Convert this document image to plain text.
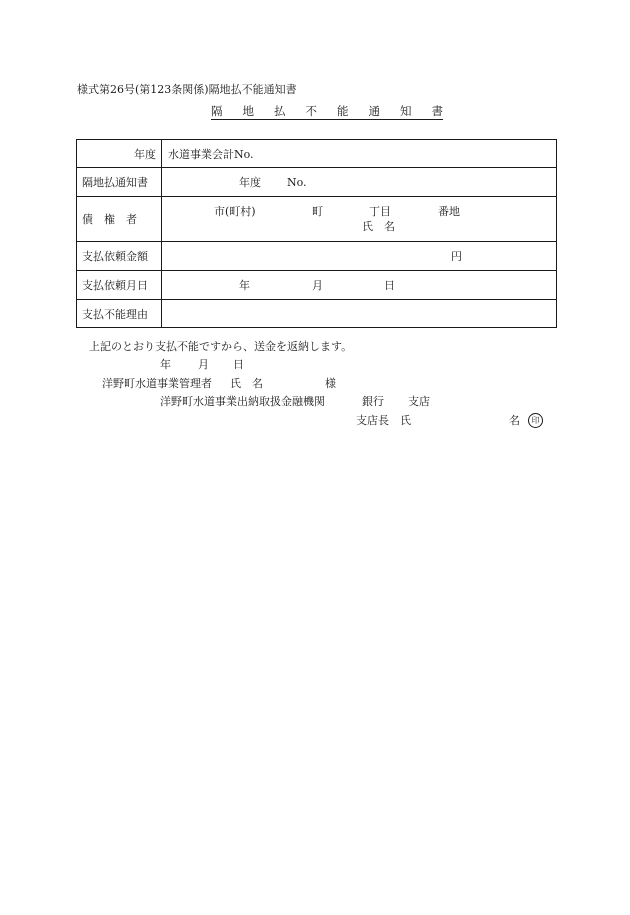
様式第26号(第123条関係)隔地払不能通知書
隔 地 払 不 能 通 知 書
年度	水道事業会計No.

隔地払通知書	年度 No.

債　権　者	市(町村) 町 丁目 番地
氏　名

支払依頼金額	円

支払依頼月日	年 月 日

支払不能理由	

上記のとおり支払不能ですから、送金を返納します。
年 月 日
洋野町水道事業管理者 氏　名	様
洋野町水道事業出納取扱金融機関	銀行 支店
支店長　氏	名	印
